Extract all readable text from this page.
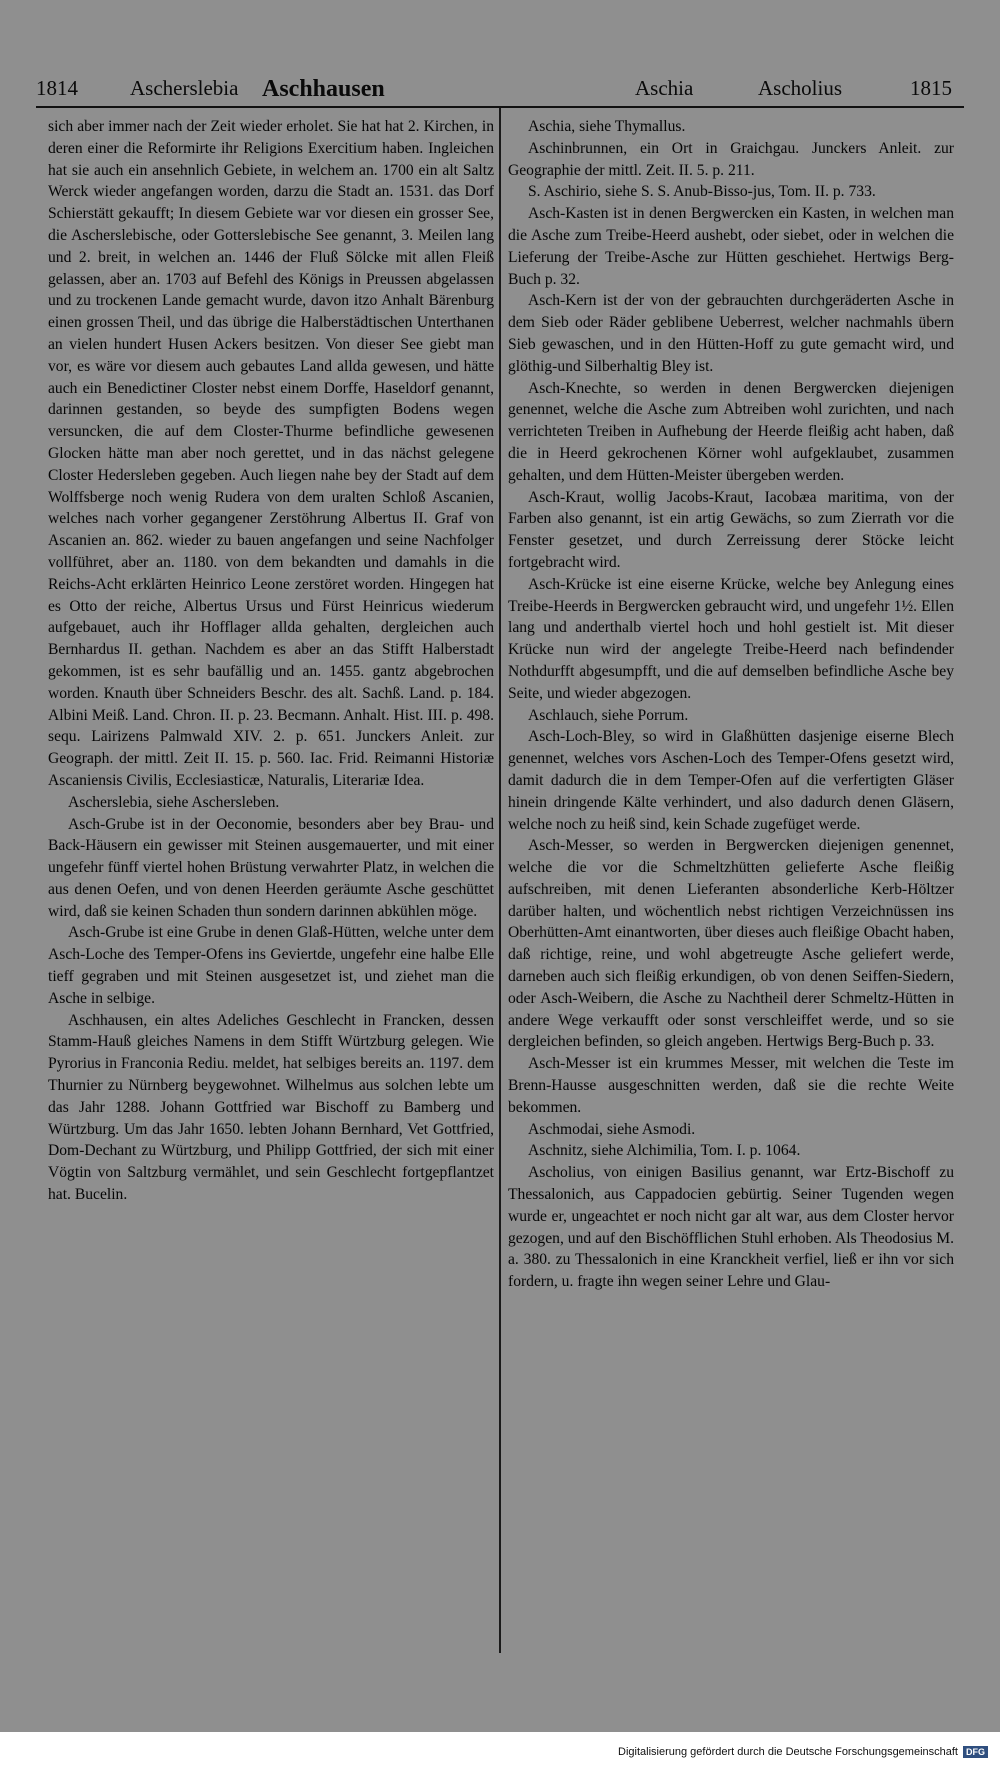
1814 Ascherslebia Aschhausen	Aschia	Ascholius	1815

sich aber immer nach der Zeit wieder erholet. Sie hat hat 2. Kirchen, in deren einer die Reformirte ihr Religions Exercitium haben. Ingleichen hat sie auch ein ansehnlich Gebiete, in welchem an. 1700 ein alt Saltz Werck wieder angefangen worden, darzu die Stadt an. 1531. das Dorf Schierstätt gekaufft; In diesem Gebiete war vor diesen ein grosser See, die Ascherslebische, oder Gotterslebische See genannt, 3. Meilen lang und 2. breit, in welchen an. 1446 der Fluß Sölcke mit allen Fleiß gelassen, aber an. 1703 auf Befehl des Königs in Preussen abgelassen und zu trockenen Lande gemacht wurde, davon itzo Anhalt Bärenburg einen grossen Theil, und das übrige die Halberstädtischen Unterthanen an vielen hundert Husen Ackers besitzen. Von dieser See giebt man vor, es wäre vor diesem auch gebautes Land allda gewesen, und hätte auch ein Benedictiner Closter nebst einem Dorffe, Haseldorf genannt, darinnen gestanden, so beyde des sumpfigten Bodens wegen versuncken, die auf dem Closter-Thurme befindliche gewesenen Glocken hätte man aber noch gerettet, und in das nächst gelegene Closter Hedersleben gegeben. Auch liegen nahe bey der Stadt auf dem Wolffsberge noch wenig Rudera von dem uralten Schloß Ascanien, welches nach vorher gegangener Zerstöhrung Albertus II. Graf von Ascanien an. 862. wieder zu bauen angefangen und seine Nachfolger vollführet, aber an. 1180. von dem bekandten und damahls in die Reichs-Acht erklärten Heinrico Leone zerstöret worden. Hingegen hat es Otto der reiche, Albertus Ursus und Fürst Heinricus wiederum aufgebauet, auch ihr Hofflager allda gehalten, dergleichen auch Bernhardus II. gethan. Nachdem es aber an das Stifft Halberstadt gekommen, ist es sehr baufällig und an. 1455. gantz abgebrochen worden. Knauth über Schneiders Beschr. des alt. Sachß. Land. p. 184. Albini Meiß. Land. Chron. II. p. 23. Becmann. Anhalt. Hist. III. p. 498. sequ. Lairizens Palmwald XIV. 2. p. 651. Junckers Anleit. zur Geograph. der mittl. Zeit II. 15. p. 560. Iac. Frid. Reimanni Historiæ Ascaniensis Civilis, Ecclesiasticæ, Naturalis, Literariæ Idea.

Ascherslebia, siehe Aschersleben.

Asch-Grube ist in der Oeconomie, besonders aber bey Brau- und Back-Häusern ein gewisser mit Steinen ausgemauerter, und mit einer ungefehr fünff viertel hohen Brüstung verwahrter Platz, in welchen die aus denen Oefen, und von denen Heerden geräumte Asche geschüttet wird, daß sie keinen Schaden thun sondern darinnen abkühlen möge.

Asch-Grube ist eine Grube in denen Glaß-Hütten, welche unter dem Asch-Loche des Temper-Ofens ins Geviertde, ungefehr eine halbe Elle tieff gegraben und mit Steinen ausgesetzet ist, und ziehet man die Asche in selbige.

Aschhausen, ein altes Adeliches Geschlecht in Francken, dessen Stamm-Hauß gleiches Namens in dem Stifft Würtzburg gelegen. Wie Pyrorius in Franconia Rediu. meldet, hat selbiges bereits an. 1197. dem Thurnier zu Nürnberg beygewohnet. Wilhelmus aus solchen lebte um das Jahr 1288. Johann Gottfried war Bischoff zu Bamberg und Würtzburg. Um das Jahr 1650. lebten Johann Bernhard, Vet Gottfried, Dom-Dechant zu Würtzburg, und Philipp Gottfried, der sich mit einer Vögtin von Saltzburg vermählet, und sein Geschlecht fortgepflantzet hat. Bucelin.

Aschia, siehe Thymallus.

Aschinbrunnen, ein Ort in Graichgau. Junckers Anleit. zur Geographie der mittl. Zeit. II. 5. p. 211.

S. Aschirio, siehe S. S. Anub-Bisso-jus, Tom. II. p. 733.

Asch-Kasten ist in denen Bergwercken ein Kasten, in welchen man die Asche zum Treibe-Heerd aushebt, oder siebet, oder in welchen die Lieferung der Treibe-Asche zur Hütten geschiehet. Hertwigs Berg-Buch p. 32.

Asch-Kern ist der von der gebrauchten durchgeräderten Asche in dem Sieb oder Räder geblibene Ueberrest, welcher nachmahls übern Sieb gewaschen, und in den Hütten-Hoff zu gute gemacht wird, und glöthig-und Silberhaltig Bley ist.

Asch-Knechte, so werden in denen Bergwercken diejenigen genennet, welche die Asche zum Abtreiben wohl zurichten, und nach verrichteten Treiben in Aufhebung der Heerde fleißig acht haben, daß die in Heerd gekrochenen Körner wohl aufgeklaubet, zusammen gehalten, und dem Hütten-Meister übergeben werden.

Asch-Kraut, wollig Jacobs-Kraut, Iacobæa maritima, von der Farben also genannt, ist ein artig Gewächs, so zum Zierrath vor die Fenster gesetzet, und durch Zerreissung derer Stöcke leicht fortgebracht wird.

Asch-Krücke ist eine eiserne Krücke, welche bey Anlegung eines Treibe-Heerds in Bergwercken gebraucht wird, und ungefehr 1½. Ellen lang und anderthalb viertel hoch und hohl gestielt ist. Mit dieser Krücke nun wird der angelegte Treibe-Heerd nach befindender Nothdurfft abgesumpfft, und die auf demselben befindliche Asche bey Seite, und wieder abgezogen.

Aschlauch, siehe Porrum.

Asch-Loch-Bley, so wird in Glaßhütten dasjenige eiserne Blech genennet, welches vors Aschen-Loch des Temper-Ofens gesetzt wird, damit dadurch die in dem Temper-Ofen auf die verfertigten Gläser hinein dringende Kälte verhindert, und also dadurch denen Gläsern, welche noch zu heiß sind, kein Schade zugefüget werde.

Asch-Messer, so werden in Bergwercken diejenigen genennet, welche die vor die Schmeltzhütten gelieferte Asche fleißig aufschreiben, mit denen Lieferanten absonderliche Kerb-Höltzer darüber halten, und wöchentlich nebst richtigen Verzeichnüssen ins Oberhütten-Amt einantworten, über dieses auch fleißige Obacht haben, daß richtige, reine, und wohl abgetreugte Asche geliefert werde, darneben auch sich fleißig erkundigen, ob von denen Seiffen-Siedern, oder Asch-Weibern, die Asche zu Nachtheil derer Schmeltz-Hütten in andere Wege verkaufft oder sonst verschleiffet werde, und so sie dergleichen befinden, so gleich angeben. Hertwigs Berg-Buch p. 33.

Asch-Messer ist ein krummes Messer, mit welchen die Teste im Brenn-Hausse ausgeschnitten werden, daß sie die rechte Weite bekommen.

Aschmodai, siehe Asmodi.

Aschnitz, siehe Alchimilia, Tom. I. p. 1064.

Ascholius, von einigen Basilius genannt, war Ertz-Bischoff zu Thessalonich, aus Cappadocien gebürtig. Seiner Tugenden wegen wurde er, ungeachtet er noch nicht gar alt war, aus dem Closter hervor gezogen, und auf den Bischöfflichen Stuhl erhoben. Als Theodosius M. a. 380. zu Thessalonich in eine Kranckheit verfiel, ließ er ihn vor sich fordern, u. fragte ihn wegen seiner Lehre und Glau-

Digitalisierung gefördert durch die Deutsche Forschungsgemeinschaft DFG
